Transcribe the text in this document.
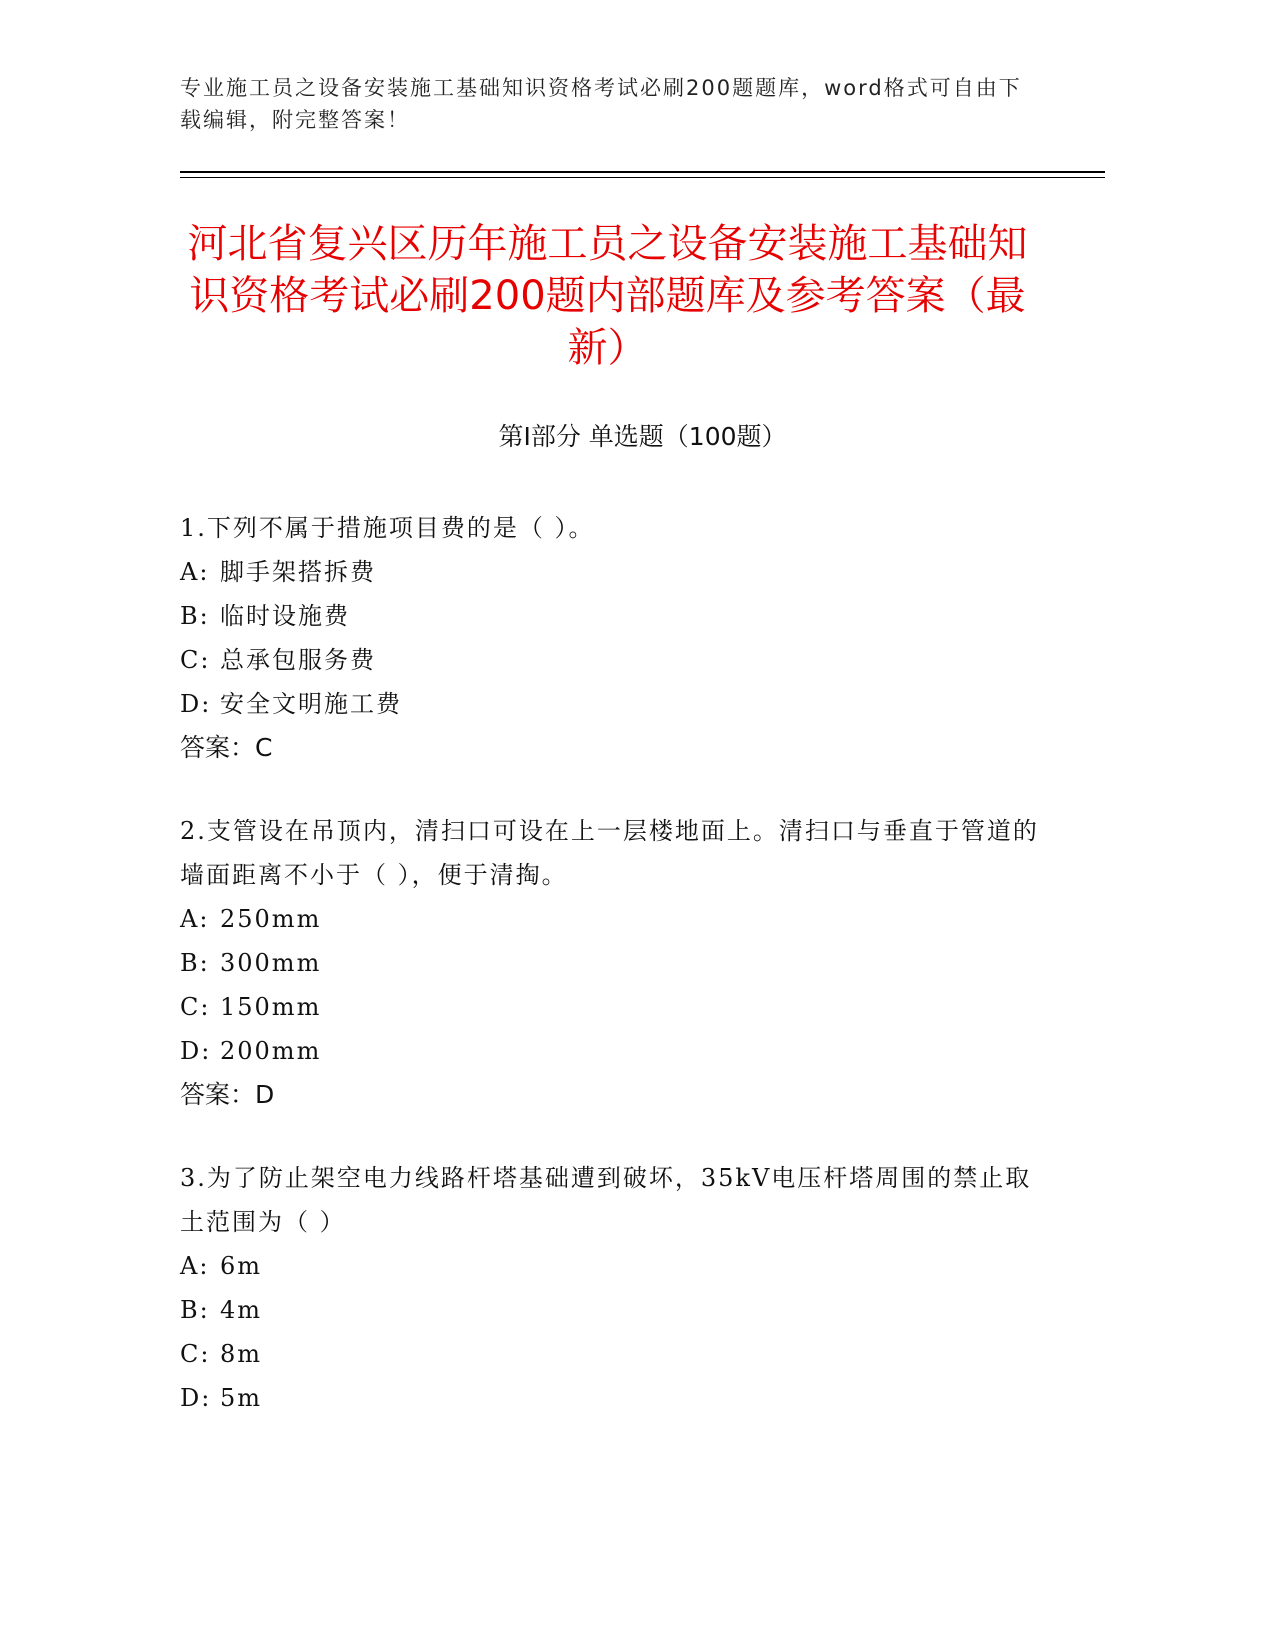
专业施工员之设备安装施工基础知识资格考试必刷200题题库，word格式可自由下载编辑，附完整答案！
河北省复兴区历年施工员之设备安装施工基础知识资格考试必刷200题内部题库及参考答案（最新）
第I部分 单选题（100题）
1.下列不属于措施项目费的是（ ）。
A: 脚手架搭拆费
B: 临时设施费
C: 总承包服务费
D: 安全文明施工费
答案：C
2.支管设在吊顶内，清扫口可设在上一层楼地面上。清扫口与垂直于管道的墙面距离不小于（ ），便于清掏。
A: 250mm
B: 300mm
C: 150mm
D: 200mm
答案：D
3.为了防止架空电力线路杆塔基础遭到破坏，35kV电压杆塔周围的禁止取土范围为（ ）
A: 6m
B: 4m
C: 8m
D: 5m
